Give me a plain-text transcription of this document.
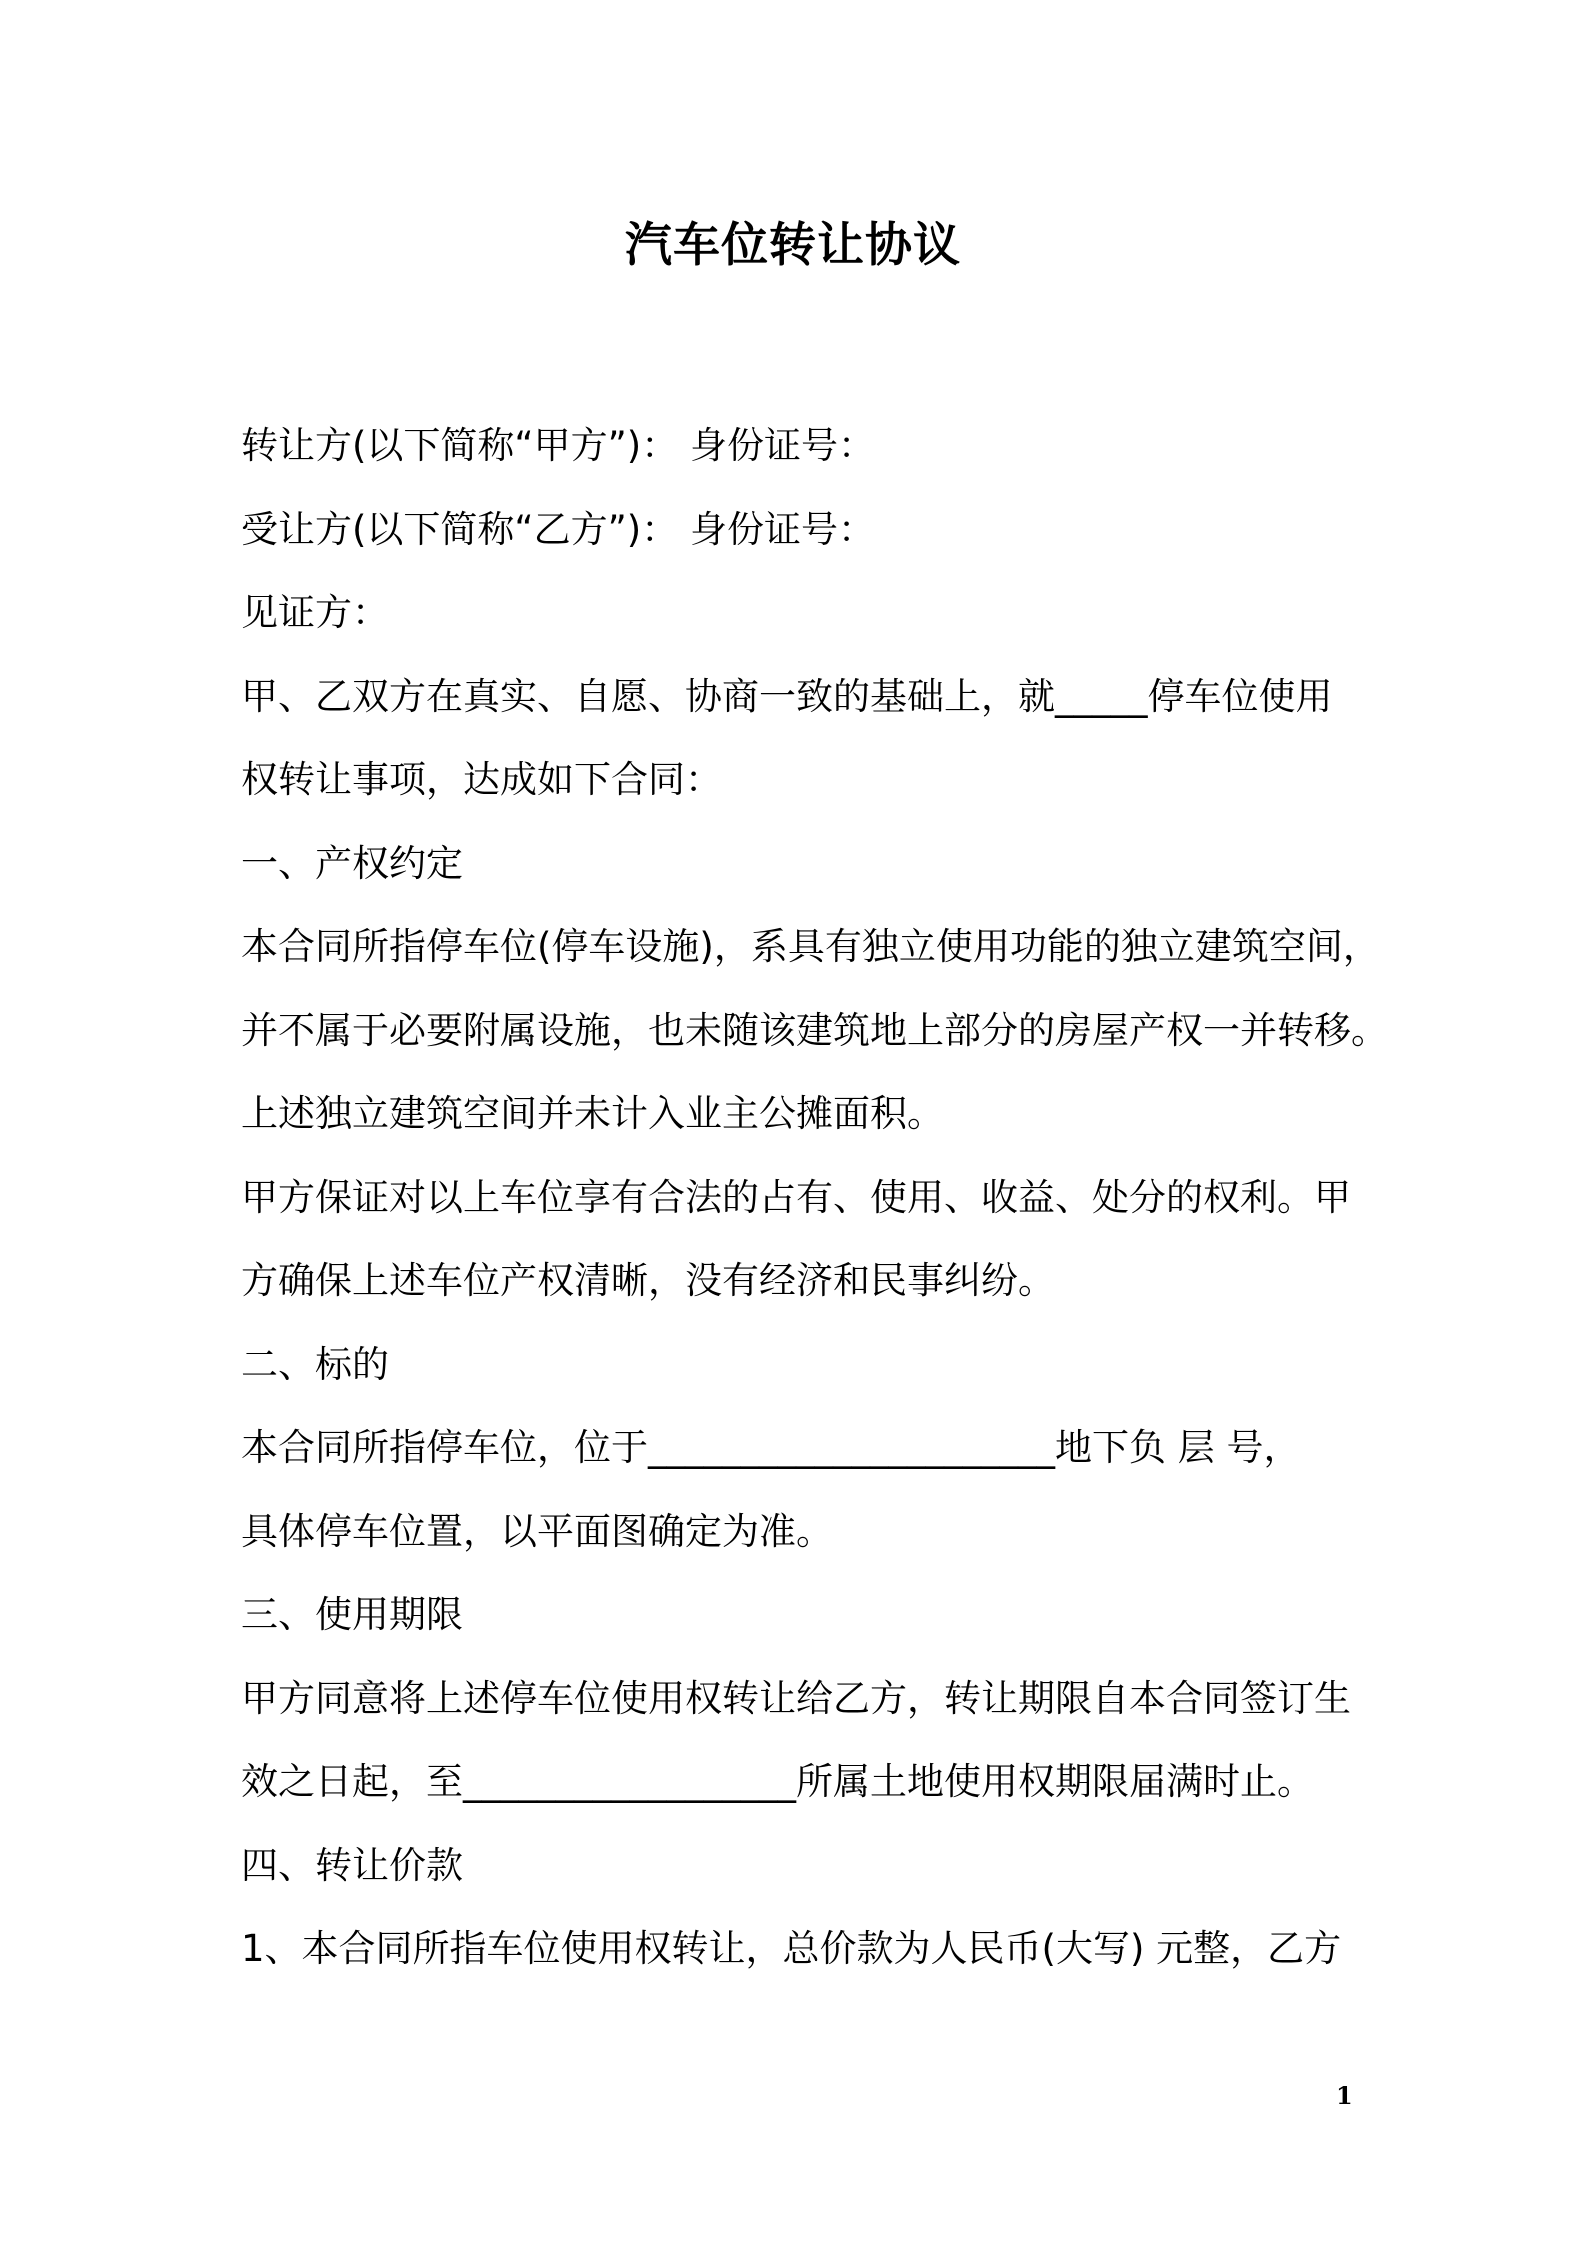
汽车位转让协议
转让方(以下简称“甲方”)： 身份证号：
受让方(以下简称“乙方”)： 身份证号：
见证方：
甲、乙双方在真实、自愿、协商一致的基础上，就_____停车位使用
权转让事项，达成如下合同：
一、产权约定
本合同所指停车位(停车设施)，系具有独立使用功能的独立建筑空间，
并不属于必要附属设施，也未随该建筑地上部分的房屋产权一并转移。
上述独立建筑空间并未计入业主公摊面积。
甲方保证对以上车位享有合法的占有、使用、收益、处分的权利。甲
方确保上述车位产权清晰，没有经济和民事纠纷。
二、标的
本合同所指停车位，位于______________________地下负 层 号，
具体停车位置，以平面图确定为准。
三、使用期限
甲方同意将上述停车位使用权转让给乙方，转让期限自本合同签订生
效之日起，至__________________所属土地使用权期限届满时止。
四、转让价款
1、本合同所指车位使用权转让，总价款为人民币(大写) 元整，乙方
1
